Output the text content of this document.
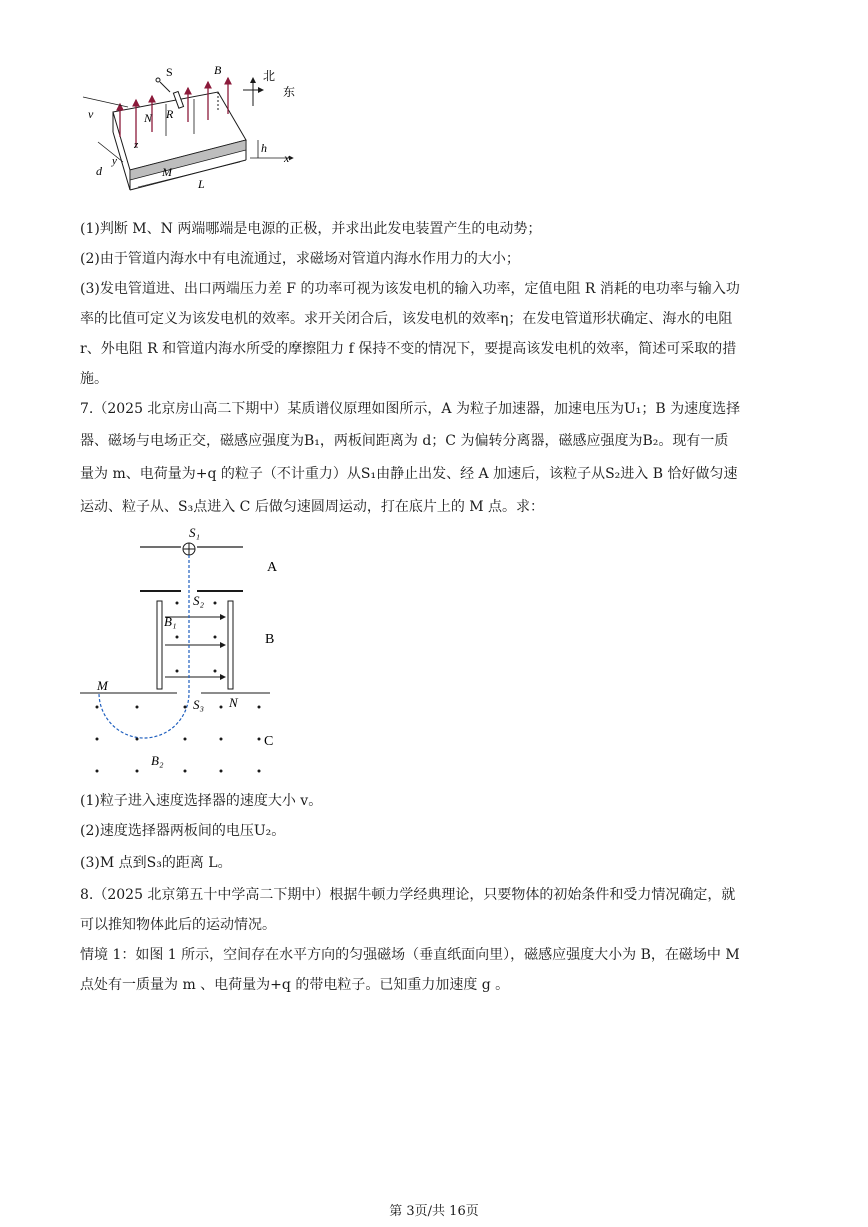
S	B	北
东
v	N R
z	h
x
d
y
M
L
(1)判断 M、N 两端哪端是电源的正极，并求出此发电装置产生的电动势；
(2)由于管道内海水中有电流通过，求磁场对管道内海水作用力的大小；
(3)发电管道进、出口两端压力差 F 的功率可视为该发电机的输入功率，定值电阻 R 消耗的电功率与输入功
率的比值可定义为该发电机的效率。求开关闭合后，该发电机的效率η；在发电管道形状确定、海水的电阻
r、外电阻 R 和管道内海水所受的摩擦阻力 f 保持不变的情况下，要提高该发电机的效率，简述可采取的措
施。
7.（2025 北京房山高二下期中）某质谱仪原理如图所示，A 为粒子加速器，加速电压为U₁；B 为速度选择
器、磁场与电场正交，磁感应强度为B₁，两板间距离为 d；C 为偏转分离器，磁感应强度为B₂。现有一质
量为 m、电荷量为+q 的粒子（不计重力）从S₁由静止出发、经 A 加速后，该粒子从S₂进入 B 恰好做匀速
运动、粒子从、S₃点进入 C 后做匀速圆周运动，打在底片上的 M 点。求：
S₁
A
S₂
B₁
B
M
S₃ N
C
B₂
(1)粒子进入速度选择器的速度大小 v。
(2)速度选择器两板间的电压U₂。
(3)M 点到S₃的距离 L。
8.（2025 北京第五十中学高二下期中）根据牛顿力学经典理论，只要物体的初始条件和受力情况确定，就
可以推知物体此后的运动情况。
情境 1：如图 1 所示，空间存在水平方向的匀强磁场（垂直纸面向里），磁感应强度大小为 B，在磁场中 M
点处有一质量为 m 、电荷量为+q 的带电粒子。已知重力加速度 g 。
第 3页/共 16页
